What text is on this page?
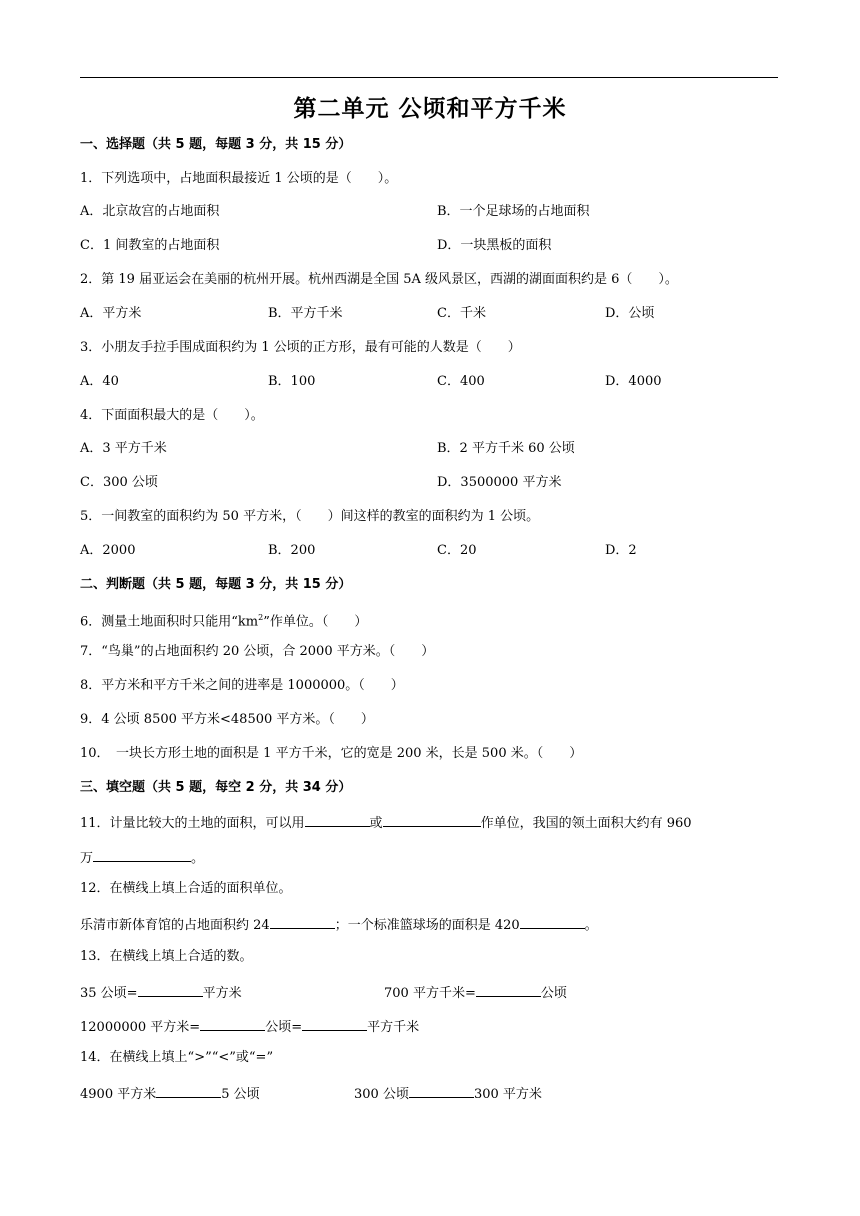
第二单元 公顷和平方千米
一、选择题（共 5 题，每题 3 分，共 15 分）
1．下列选项中，占地面积最接近 1 公顷的是（　　）。
A．北京故宫的占地面积	B．一个足球场的占地面积
C．1 间教室的占地面积	D．一块黑板的面积
2．第 19 届亚运会在美丽的杭州开展。杭州西湖是全国 5A 级风景区，西湖的湖面面积约是 6（　　）。
A．平方米	B．平方千米	C．千米	D．公顷
3．小朋友手拉手围成面积约为 1 公顷的正方形，最有可能的人数是（　　）
A．40	B．100	C．400	D．4000
4．下面面积最大的是（　　）。
A．3 平方千米	B．2 平方千米 60 公顷
C．300 公顷	D．3500000 平方米
5．一间教室的面积约为 50 平方米，（　　）间这样的教室的面积约为 1 公顷。
A．2000	B．200	C．20	D．2
二、判断题（共 5 题，每题 3 分，共 15 分）
6．测量土地面积时只能用“$km^2$”作单位。（　　）
7．“鸟巢”的占地面积约 20 公顷，合 2000 平方米。（　　）
8．平方米和平方千米之间的进率是 1000000。（　　）
9．4 公顷 8500 平方米<48500 平方米。（　　）
10．　一块长方形土地的面积是 1 平方千米，它的宽是 200 米，长是 500 米。（　　）
三、填空题（共 5 题，每空 2 分，共 34 分）
11．计量比较大的土地的面积，可以用	或	作单位，我国的领土面积大约有 960
万	。
12．在横线上填上合适的面积单位。
乐清市新体育馆的占地面积约 24	；一个标准篮球场的面积是 420	。
13．在横线上填上合适的数。
35 公顷=	平方米	700 平方千米=	公顷
12000000 平方米=	公顷=	平方千米
14．在横线上填上“>”“<”或“=”
4900 平方米	5 公顷	300 公顷	300 平方米
